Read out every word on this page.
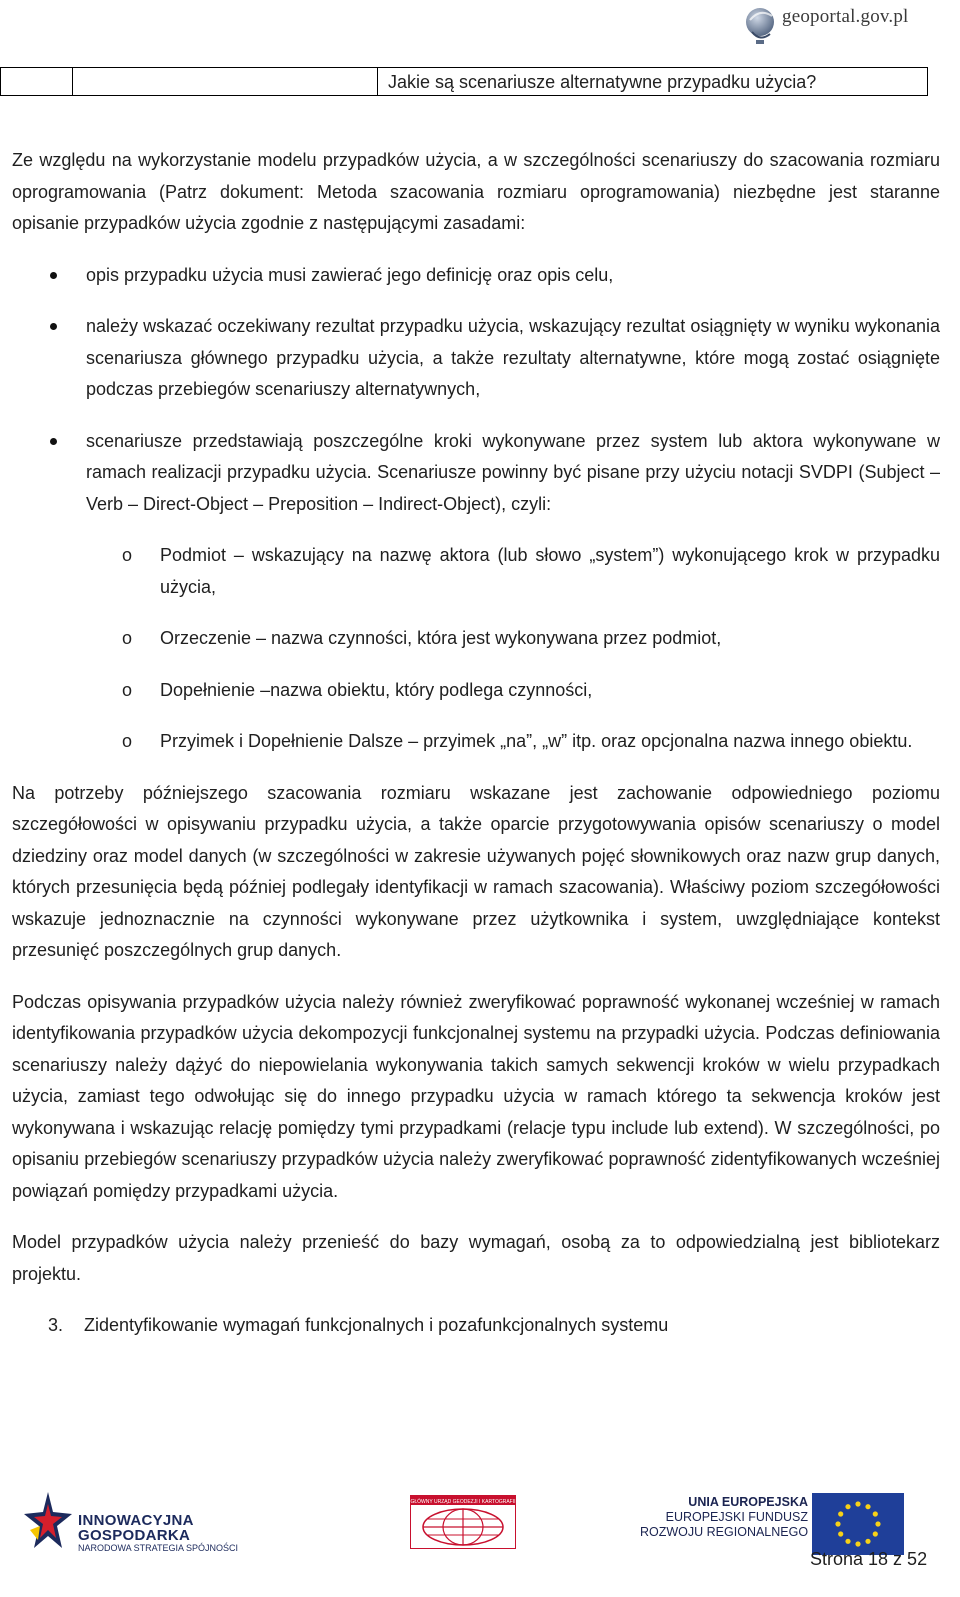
geoportal.gov.pl
Jakie są scenariusze alternatywne przypadku użycia?

Ze względu na wykorzystanie modelu przypadków użycia, a w szczególności scenariuszy do szacowania rozmiaru oprogramowania (Patrz dokument: Metoda szacowania rozmiaru oprogramowania) niezbędne jest staranne opisanie przypadków użycia zgodnie z następującymi zasadami:

opis przypadku użycia musi zawierać jego definicję oraz opis celu,
należy wskazać oczekiwany rezultat przypadku użycia, wskazujący rezultat osiągnięty w wyniku wykonania scenariusza głównego przypadku użycia, a także rezultaty alternatywne, które mogą zostać osiągnięte podczas przebiegów scenariuszy alternatywnych,
scenariusze przedstawiają poszczególne kroki wykonywane przez system lub aktora wykonywane w ramach realizacji przypadku użycia. Scenariusze powinny być pisane przy użyciu notacji SVDPI (Subject – Verb – Direct-Object – Preposition – Indirect-Object), czyli:
o Podmiot – wskazujący na nazwę aktora (lub słowo „system”) wykonującego krok w przypadku użycia,
o Orzeczenie – nazwa czynności, która jest wykonywana przez podmiot,
o Dopełnienie –nazwa obiektu, który podlega czynności,
o Przyimek i Dopełnienie Dalsze – przyimek „na”, „w” itp. oraz opcjonalna nazwa innego obiektu.

Na potrzeby późniejszego szacowania rozmiaru wskazane jest zachowanie odpowiedniego poziomu szczegółowości w opisywaniu przypadku użycia, a także oparcie przygotowywania opisów scenariuszy o model dziedziny oraz model danych (w szczególności w zakresie używanych pojęć słownikowych oraz nazw grup danych, których przesunięcia będą później podlegały identyfikacji w ramach szacowania). Właściwy poziom szczegółowości wskazuje jednoznacznie na czynności wykonywane przez użytkownika i system, uwzględniające kontekst przesunięć poszczególnych grup danych.

Podczas opisywania przypadków użycia należy również zweryfikować poprawność wykonanej wcześniej w ramach identyfikowania przypadków użycia dekompozycji funkcjonalnej systemu na przypadki użycia. Podczas definiowania scenariuszy należy dążyć do niepowielania wykonywania takich samych sekwencji kroków w wielu przypadkach użycia, zamiast tego odwołując się do innego przypadku użycia w ramach którego ta sekwencja kroków jest wykonywana i wskazując relację pomiędzy tymi przypadkami (relacje typu include lub extend). W szczególności, po opisaniu przebiegów scenariuszy przypadków użycia należy zweryfikować poprawność zidentyfikowanych wcześniej powiązań pomiędzy przypadkami użycia.

Model przypadków użycia należy przenieść do bazy wymagań, osobą za to odpowiedzialną jest bibliotekarz projektu.

3. Zidentyfikowanie wymagań funkcjonalnych i pozafunkcjonalnych systemu
INNOWACYJNA
GOSPODARKA
NARODOWA STRATEGIA SPÓJNOŚCI
GŁÓWNY URZĄD GEODEZJI I KARTOGRAFII	UNIA EUROPEJSKA
EUROPEJSKI FUNDUSZ
ROZWOJU REGIONALNEGO
Strona 18 z 52
